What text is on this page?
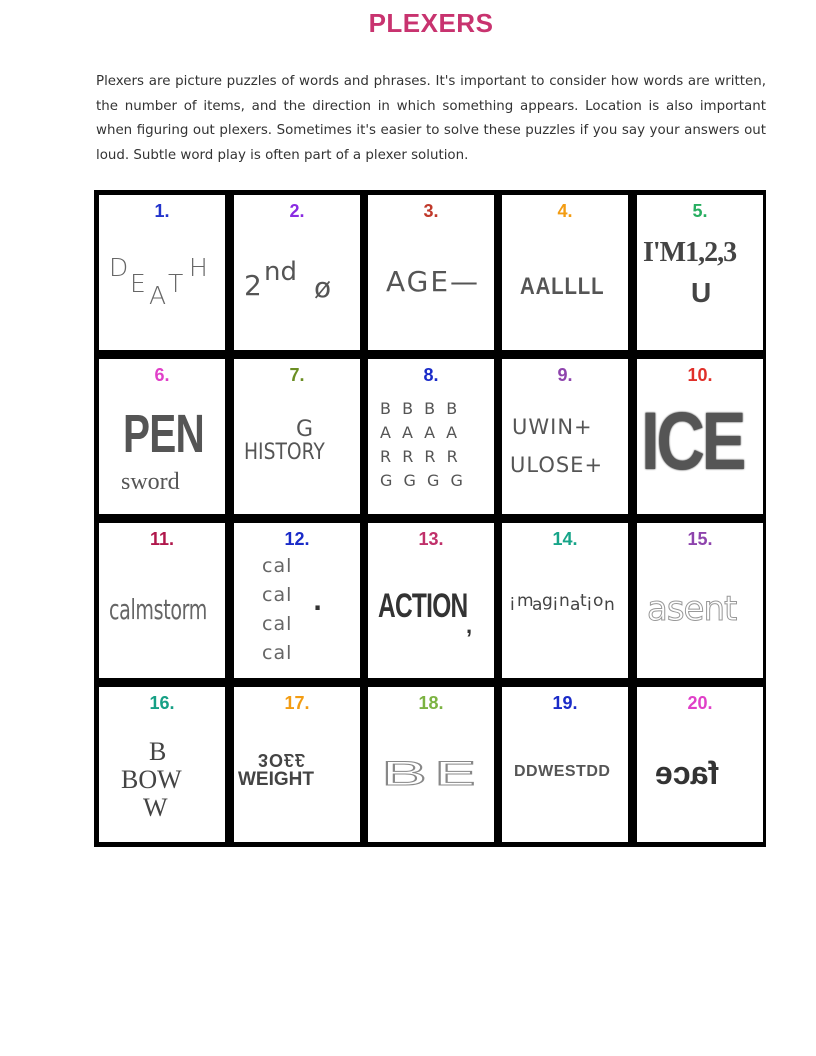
PLEXERS
Plexers are picture puzzles of words and phrases. It's important to consider how words are written, the number of items, and the direction in which something appears. Location is also important when figuring out plexers. Sometimes it's easier to solve these puzzles if you say your answers out loud. Subtle word play is often part of a plexer solution.
1.
D
E A T
H
2.
2 nd ø
3.
AGE—
4.
AALLLL
5.
I'M1,2,3
U
6.
PEN
sword
7.
G
HISTORY
8.
B B B B
A A A A
R R R R
G G G G
9.
UWIN+
ULOSE+
10.
ICE
11.
calmstorm
12.
cal
cal
cal
cal
.
13.
ACTION
,
14.
i m
a g i n a t i o n
15.
asent
16.
B
BOW
W
17.
3O££
WEIGHT
18.
BE
19.
DDWESTDD
20.
face
